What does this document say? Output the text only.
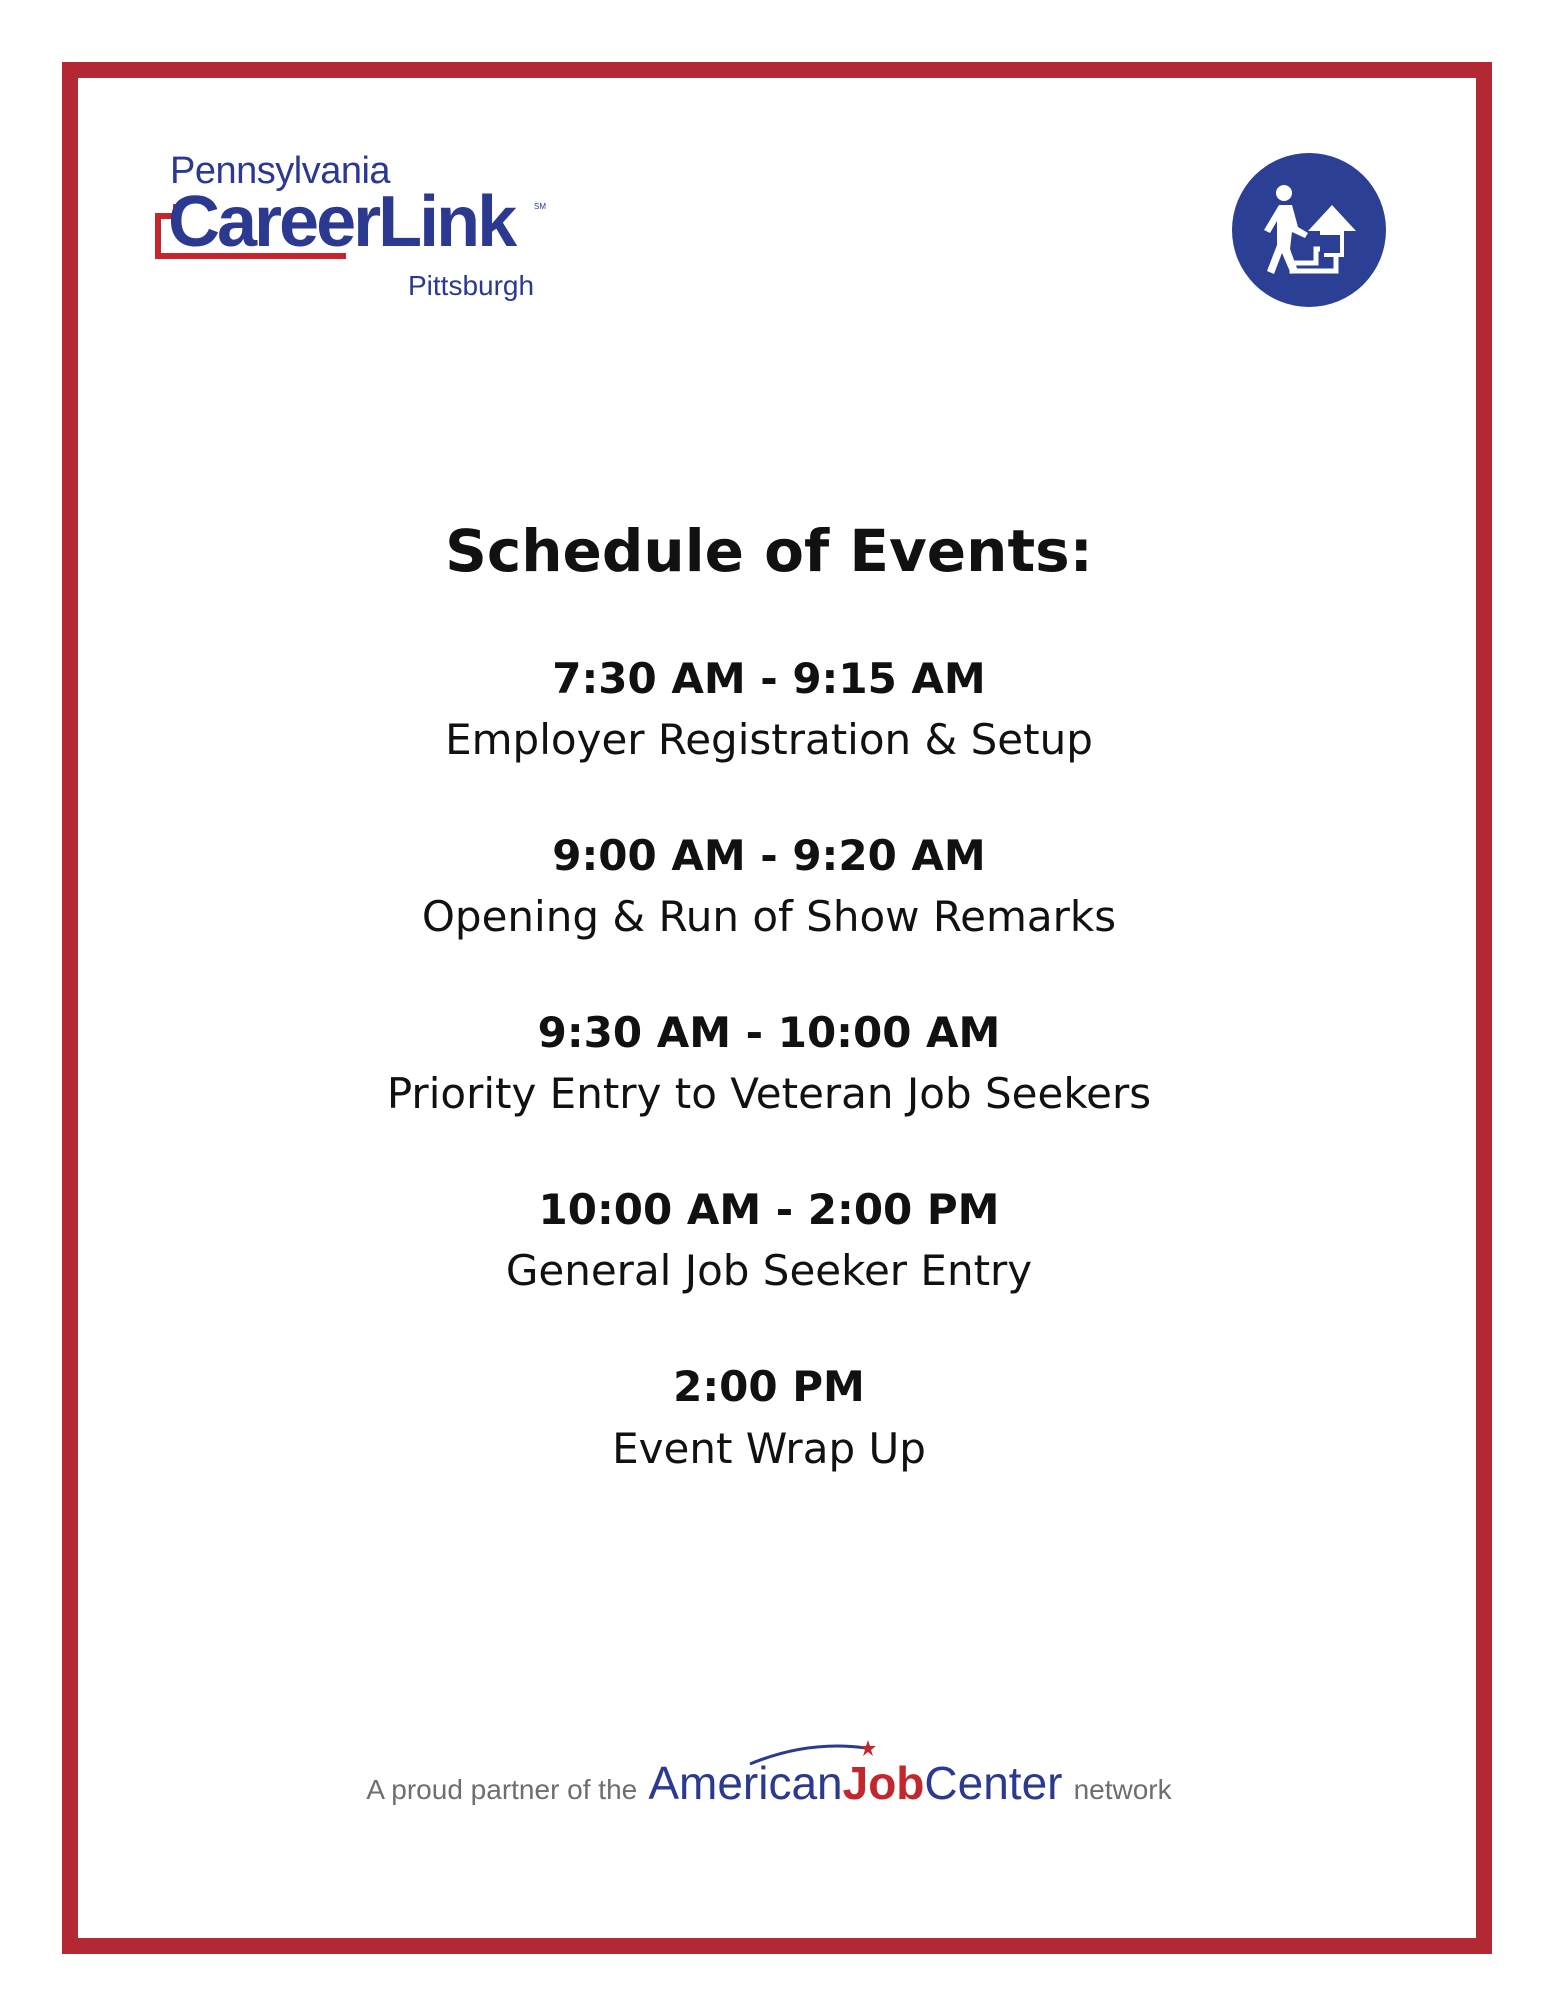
Pennsylvania
CareerLink SM
Pittsburgh
Schedule of Events:

7:30 AM - 9:15 AM

Employer Registration & Setup

9:00 AM - 9:20 AM

Opening & Run of Show Remarks

9:30 AM - 10:00 AM

Priority Entry to Veteran Job Seekers

10:00 AM - 2:00 PM

General Job Seeker Entry

2:00 PM

Event Wrap Up

A proud partner of the AmericanJobCenter network
